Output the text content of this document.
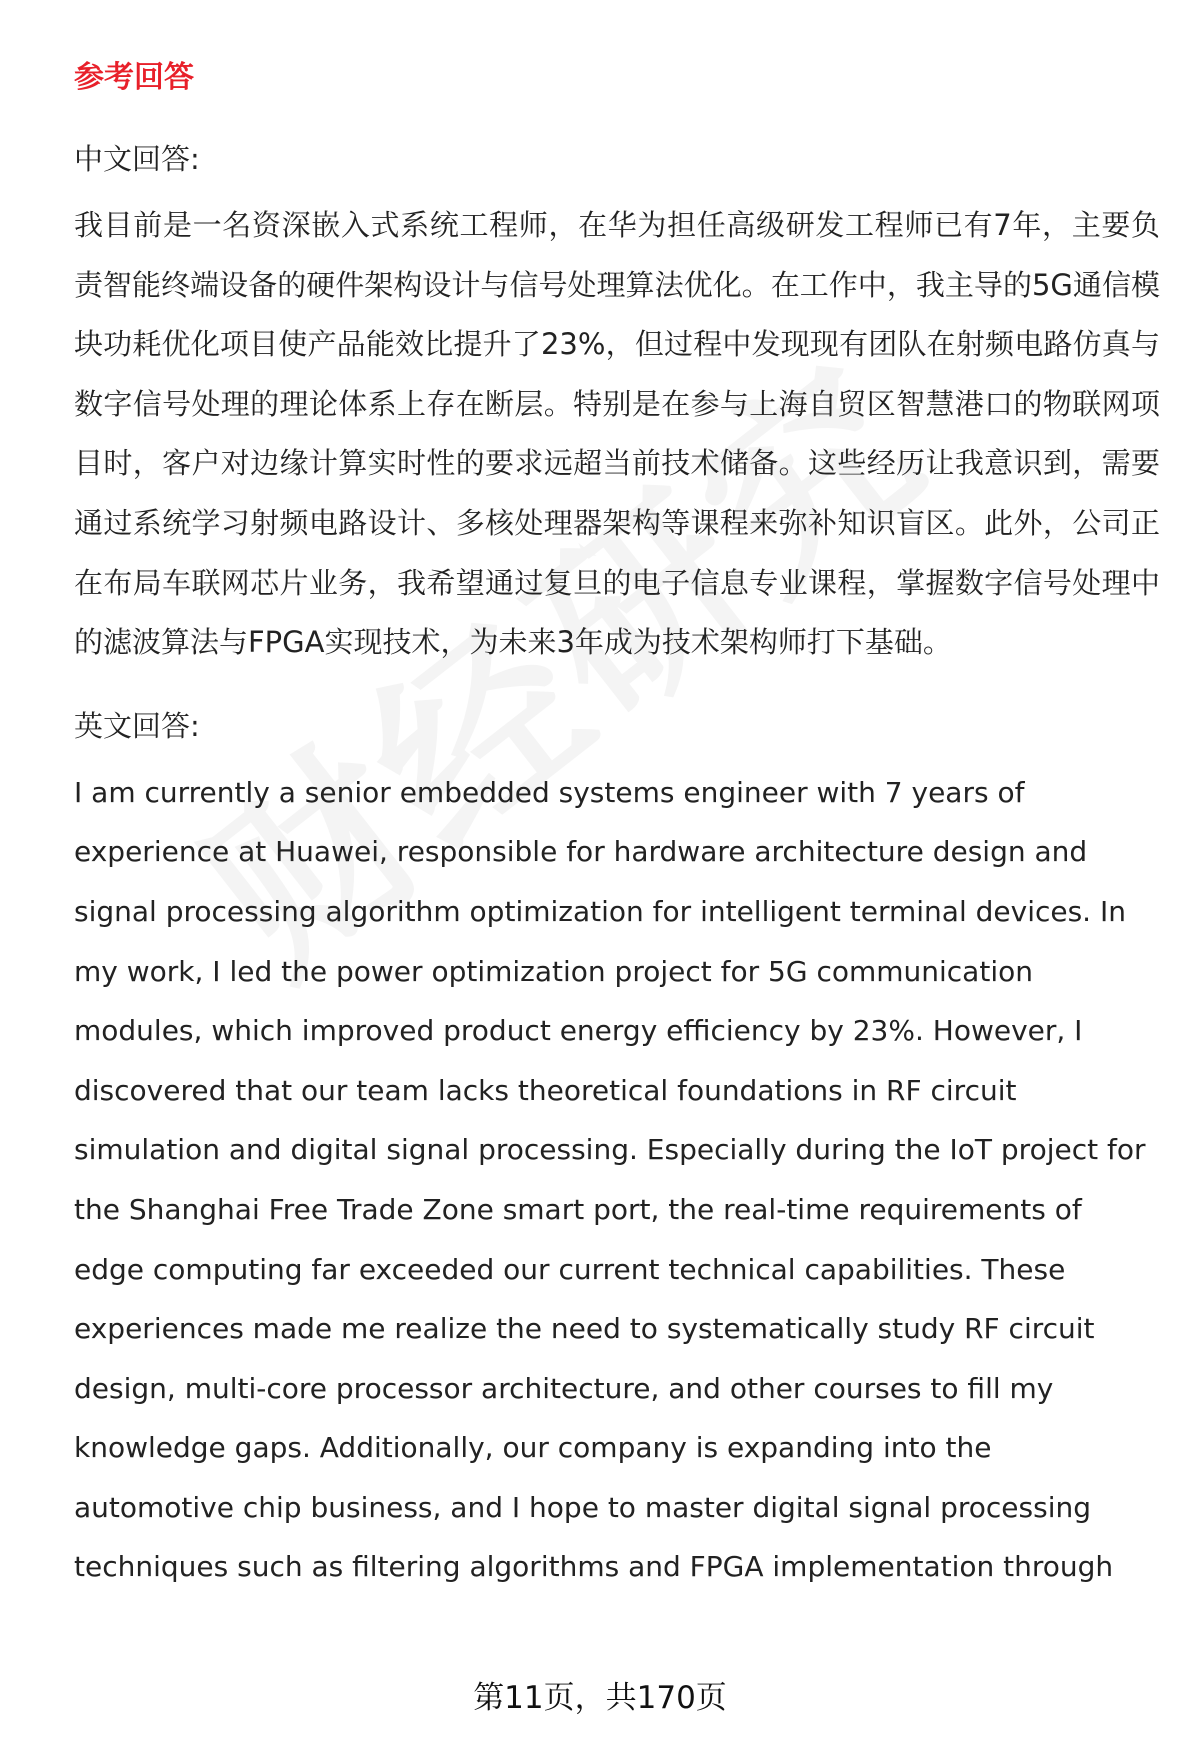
参考回答

中文回答:

我目前是一名资深嵌入式系统工程师，在华为担任高级研发工程师已有7年，主要负责智能终端设备的硬件架构设计与信号处理算法优化。在工作中，我主导的5G通信模块功耗优化项目使产品能效比提升了23%，但过程中发现现有团队在射频电路仿真与数字信号处理的理论体系上存在断层。特别是在参与上海自贸区智慧港口的物联网项目时，客户对边缘计算实时性的要求远超当前技术储备。这些经历让我意识到，需要通过系统学习射频电路设计、多核处理器架构等课程来弥补知识盲区。此外，公司正在布局车联网芯片业务，我希望通过复旦的电子信息专业课程，掌握数字信号处理中的滤波算法与FPGA实现技术，为未来3年成为技术架构师打下基础。

英文回答:

I am currently a senior embedded systems engineer with 7 years of experience at Huawei, responsible for hardware architecture design and signal processing algorithm optimization for intelligent terminal devices. In my work, I led the power optimization project for 5G communication modules, which improved product energy efficiency by 23%. However, I discovered that our team lacks theoretical foundations in RF circuit simulation and digital signal processing. Especially during the IoT project for the Shanghai Free Trade Zone smart port, the real-time requirements of edge computing far exceeded our current technical capabilities. These experiences made me realize the need to systematically study RF circuit design, multi-core processor architecture, and other courses to fill my knowledge gaps. Additionally, our company is expanding into the automotive chip business, and I hope to master digital signal processing techniques such as filtering algorithms and FPGA implementation through

第11页，共170页
